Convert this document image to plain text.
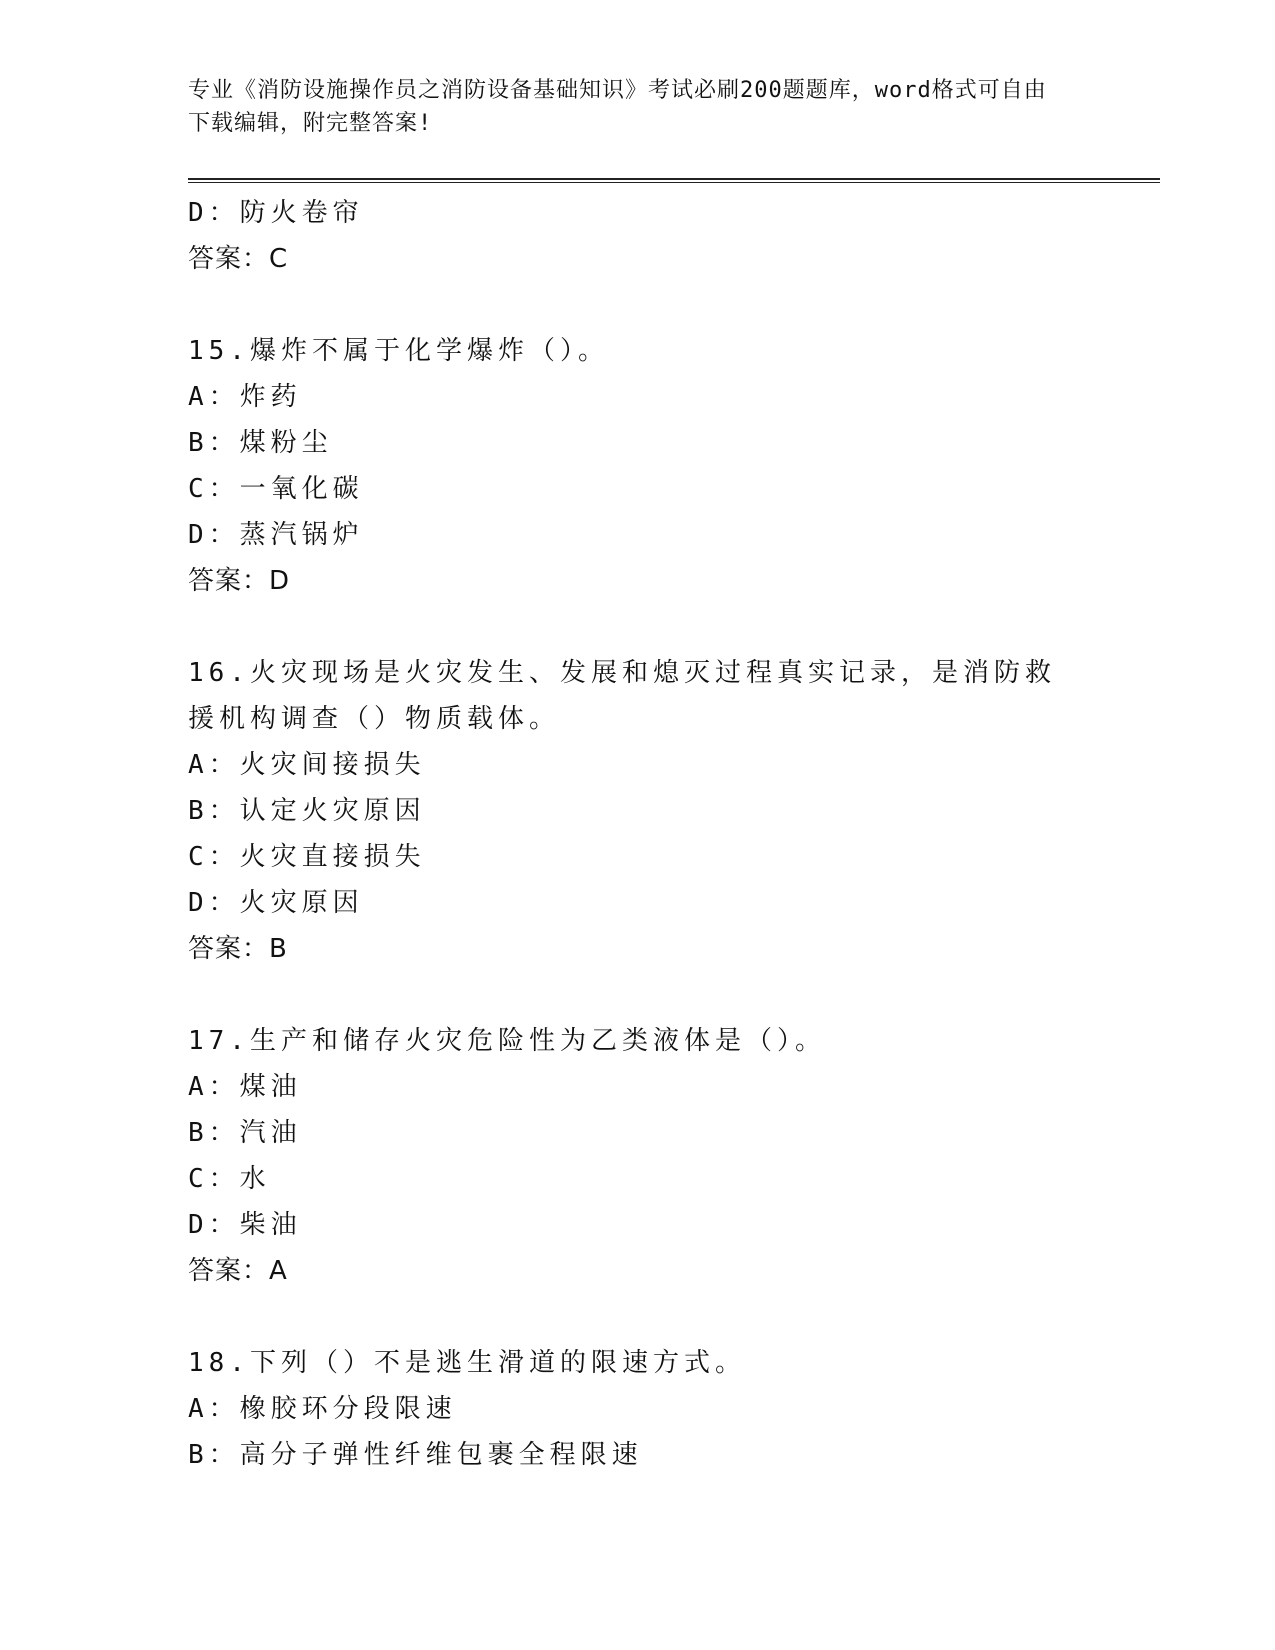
专业《消防设施操作员之消防设备基础知识》考试必刷200题题库，word格式可自由下载编辑，附完整答案!
D：防火卷帘
答案：C
15.爆炸不属于化学爆炸（）。
A：炸药
B：煤粉尘
C：一氧化碳
D：蒸汽锅炉
答案：D
16.火灾现场是火灾发生、发展和熄灭过程真实记录，是消防救援机构调查（）物质载体。
A：火灾间接损失
B：认定火灾原因
C：火灾直接损失
D：火灾原因
答案：B
17.生产和储存火灾危险性为乙类液体是（）。
A：煤油
B：汽油
C：水
D：柴油
答案：A
18.下列（）不是逃生滑道的限速方式。
A：橡胶环分段限速
B：高分子弹性纤维包裹全程限速
